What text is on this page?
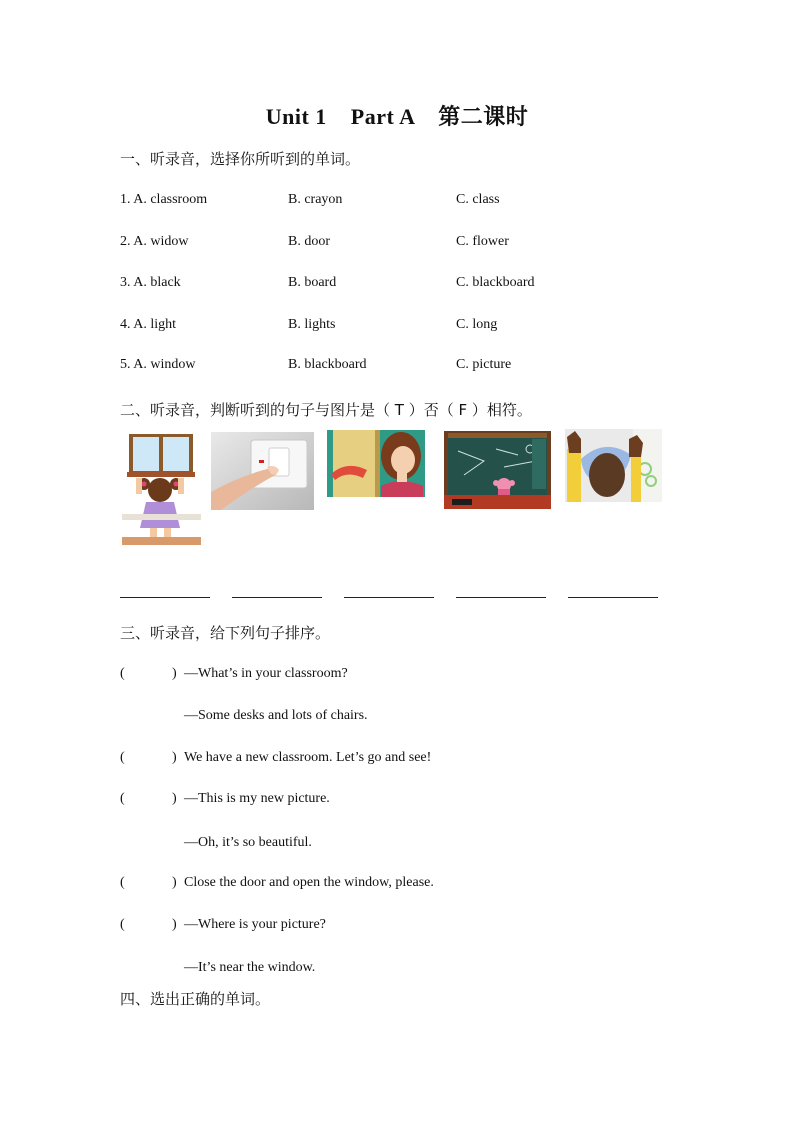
Unit 1    Part A    第二课时
一、听录音，选择你所听到的单词。
1. A. classroom	B. crayon	C. class
2. A. widow	B. door	C. flower
3. A. black	B. board	C. blackboard
4. A. light	B. lights	C. long
5. A. window	B. blackboard	C. picture
二、听录音，判断听到的句子与图片是（ T ）否（ F ）相符。
三、听录音，给下列句子排序。
(	) —What’s in your classroom?
—Some desks and lots of chairs.
(	) We have a new classroom. Let’s go and see!
(	) —This is my new picture.
—Oh, it’s so beautiful.
(	) Close the door and open the window, please.
(	) —Where is your picture?
—It’s near the window.
四、选出正确的单词。
